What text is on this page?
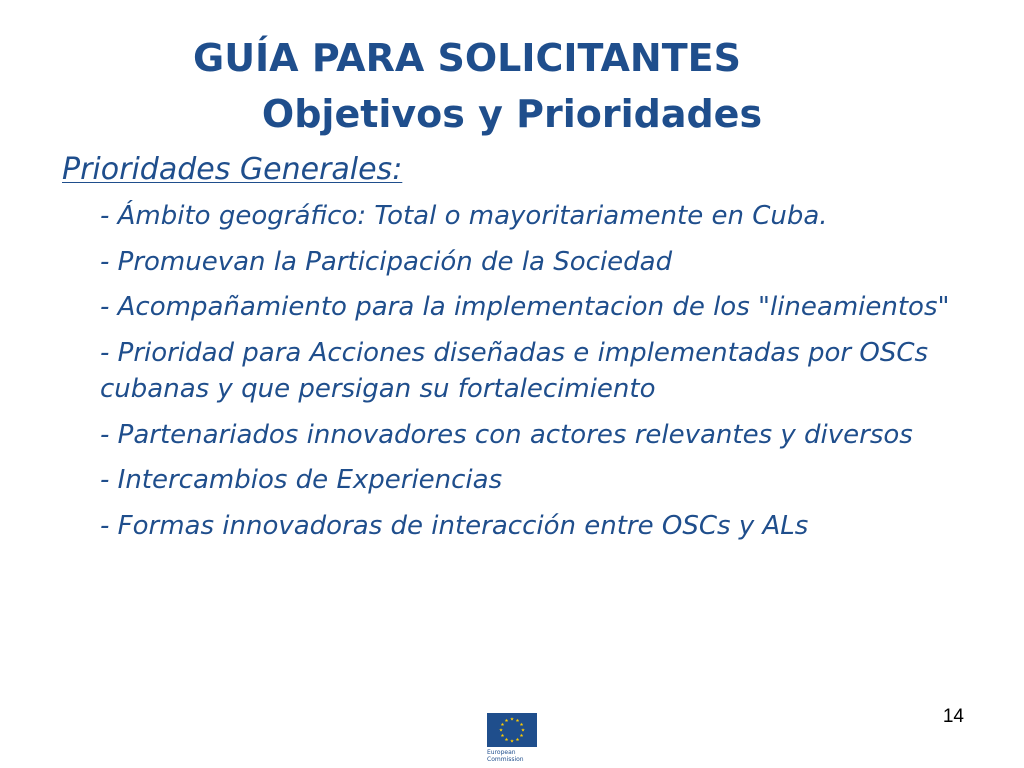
GUÍA PARA SOLICITANTES
Objetivos y Prioridades

Prioridades Generales:

- Ámbito geográfico: Total o mayoritariamente en Cuba.
- Promuevan la Participación de la Sociedad
- Acompañamiento para la implementacion de los "lineamientos"
- Prioridad para Acciones diseñadas e implementadas por OSCs cubanas y que persigan su fortalecimiento
- Partenariados innovadores con actores relevantes y diversos
- Intercambios de Experiencias
- Formas innovadoras de interacción entre OSCs y ALs
14
European
Commission
